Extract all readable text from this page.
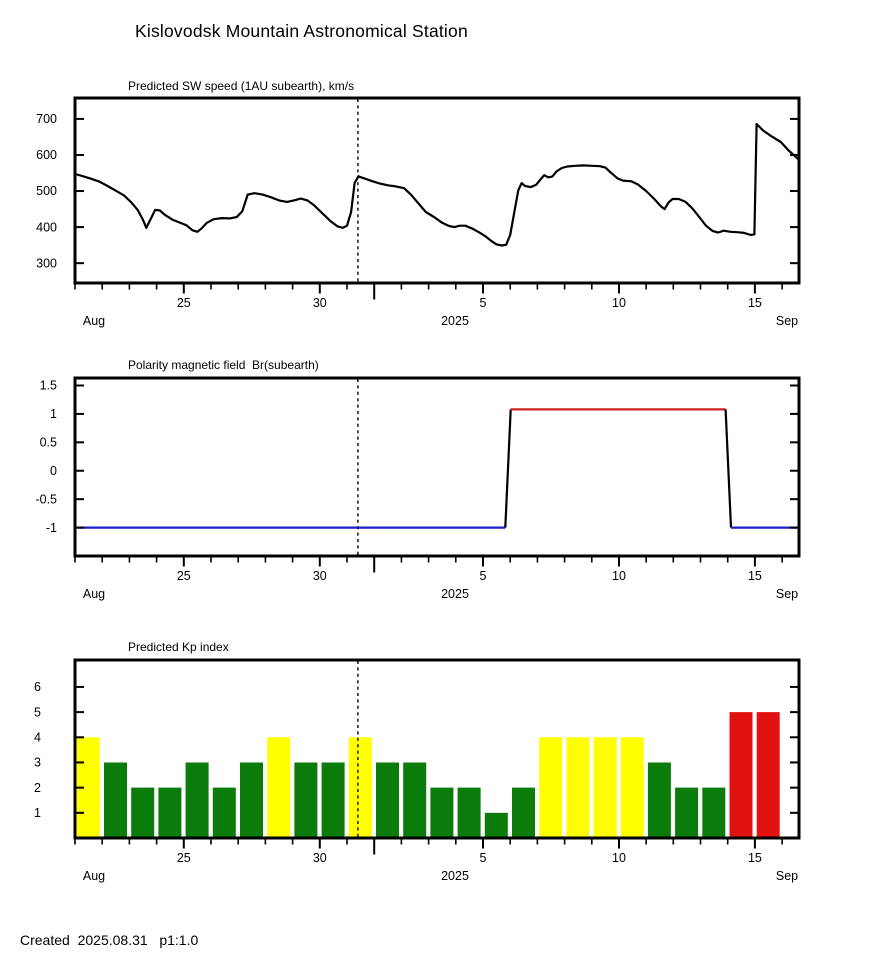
Kislovodsk Mountain Astronomical Station
Predicted SW speed (1AU subearth), km/s
300
400
500
600
700
25	30	5	10	15
Aug	Sep
2025
Polarity magnetic field  Br(subearth)
-1
-0.5
0
0.5
1
1.5
25	30	5	10	15
Aug	Sep
2025
Predicted Kp index
1
2
3
4
5
6
25	30	5	10	15
Aug	Sep
2025
Created  2025.08.31   p1:1.0
